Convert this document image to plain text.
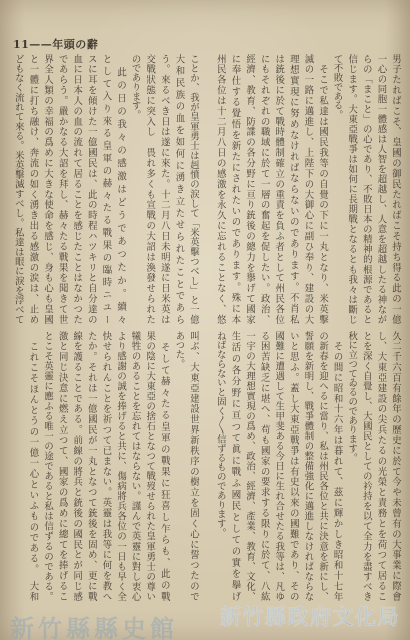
11——年頭の辭
ことか、我が皇軍勇士は赳憤の涙して「米英擊つべし」と一億
大和民族の血を如何に湧き立たせられたことであら
う。來るべき日は遂に來た。十二月八日未明遂に日米英は
交戰狀態に突入し　畏れ多くも宣戰の大詔は渙發せられた
のであります。
　此の日の我々の感激はどうであつたか。續々
として入り來る皇軍の赫々たる戰果の臨時ニユー
スに耳を傾けた一億國民は、此の時程ハツキリと自分達の
血に日本人の血の流れて居ることを感じたことはなかつた
であらう。嚴かなる大詔を拜し、赫々たる戰果を聞きて世
界全人類の幸福の爲めに大きな使命を感じ、身も心も皇國
と一體に打ち融け、奔流の如く湧き出る感激の涙は、止め
どもなく流れて來る。米英擊滅すべし。私達は眼に淚を浮べて
叫ぶ、大東亞建設世界新秩序の樹立を固く心に誓つたので
あつた。
　そして赫々たる皇軍の戰果に狂喜し乍らも、此の戰
果の陰に大東亞の捨石となつて戰歿せられた皇軍勇士の尊い
犧牲のあることを忘れてはならない。謹んで英靈に對し衷心
より感謝の誠を捧げると共に、傷病將兵各位の一日も早く全
快せられんことを祈つて已まない。英靈は我等に何を教へ
たか。それは一億國民が一丸となつて銃後を固め、更に戰
線を護ることである。前線の將兵と銃後の國民とが同じ感
激と同じ決意に燃え立つて、國家の爲めに總てを捧げるこ
とこそ英靈に應ふる唯一の途であると私は信ずるのである。
　これこそほんとうの一億一心といふものである。　大和
男子たればこそ、皇國の御民たればこそ持ち得る此の一億
一心の同胞一體感は人智を超越し、人意を超越したる神なが
らの「まこと」の心であり、不敗日本の精神的根源であると
信じます。大東亞戰爭は如何に長期戰となるとも我々は斷じ
て不敗である。
　そこで私達は國民我等の自覺の下に一丸となり、米英擊
滅の一路に邁進し、上陛下の大御心に副ひ奉り、建設の大
理想實現に努めなければならないのであります。不肖私
は銃後に於て戰時體制確立の重責を負ふ者として州民各位
にもそれぞれの職域に於て一層の奮起を促したい。政治、
經濟、教育、防諜の各分野に亘り銃後の總力を擧げて國家
に奉仕する覺悟を新たにされたいのであります。殊に本
州民各位は十二月八日の感激を永久に忘れることなく、悠
久二千六百有餘年の歷史に於て今や未曾有の大事業に際會
し、大東亞建設の尖兵たるの光榮と責務とを荷つて居るこ
とを深く自覺し、大國民としての衿持を以て全力を盡すべき
秋に立つてゐるのであります。
　その間に昭和十六年は暮れて、茲に輝かしき昭和十七年
の新春を迎へるに當り、私は州民各位と共に決意を新にし、
誓願を新明し、戰爭體制の整備強化に邁進しなければならな
いと思ふ。蓋し大東亞戰爭は有史以來の國難であり、その
國難に遭遇して生甲斐ある今日に生れ合せたる我等は、凡ゆ
る困苦缺乏に堪へ、苟も國家の要求する限りに於て、八紘
一宇の大理想實現の爲め、政治、經濟、產業、教育、文化、
生活の各分野に亘つて眞に戰ふ國民としての實を擧げ
ねばならないと固く〳〵信ずるものであります。
新竹縣政府文化局
新竹縣縣史館
